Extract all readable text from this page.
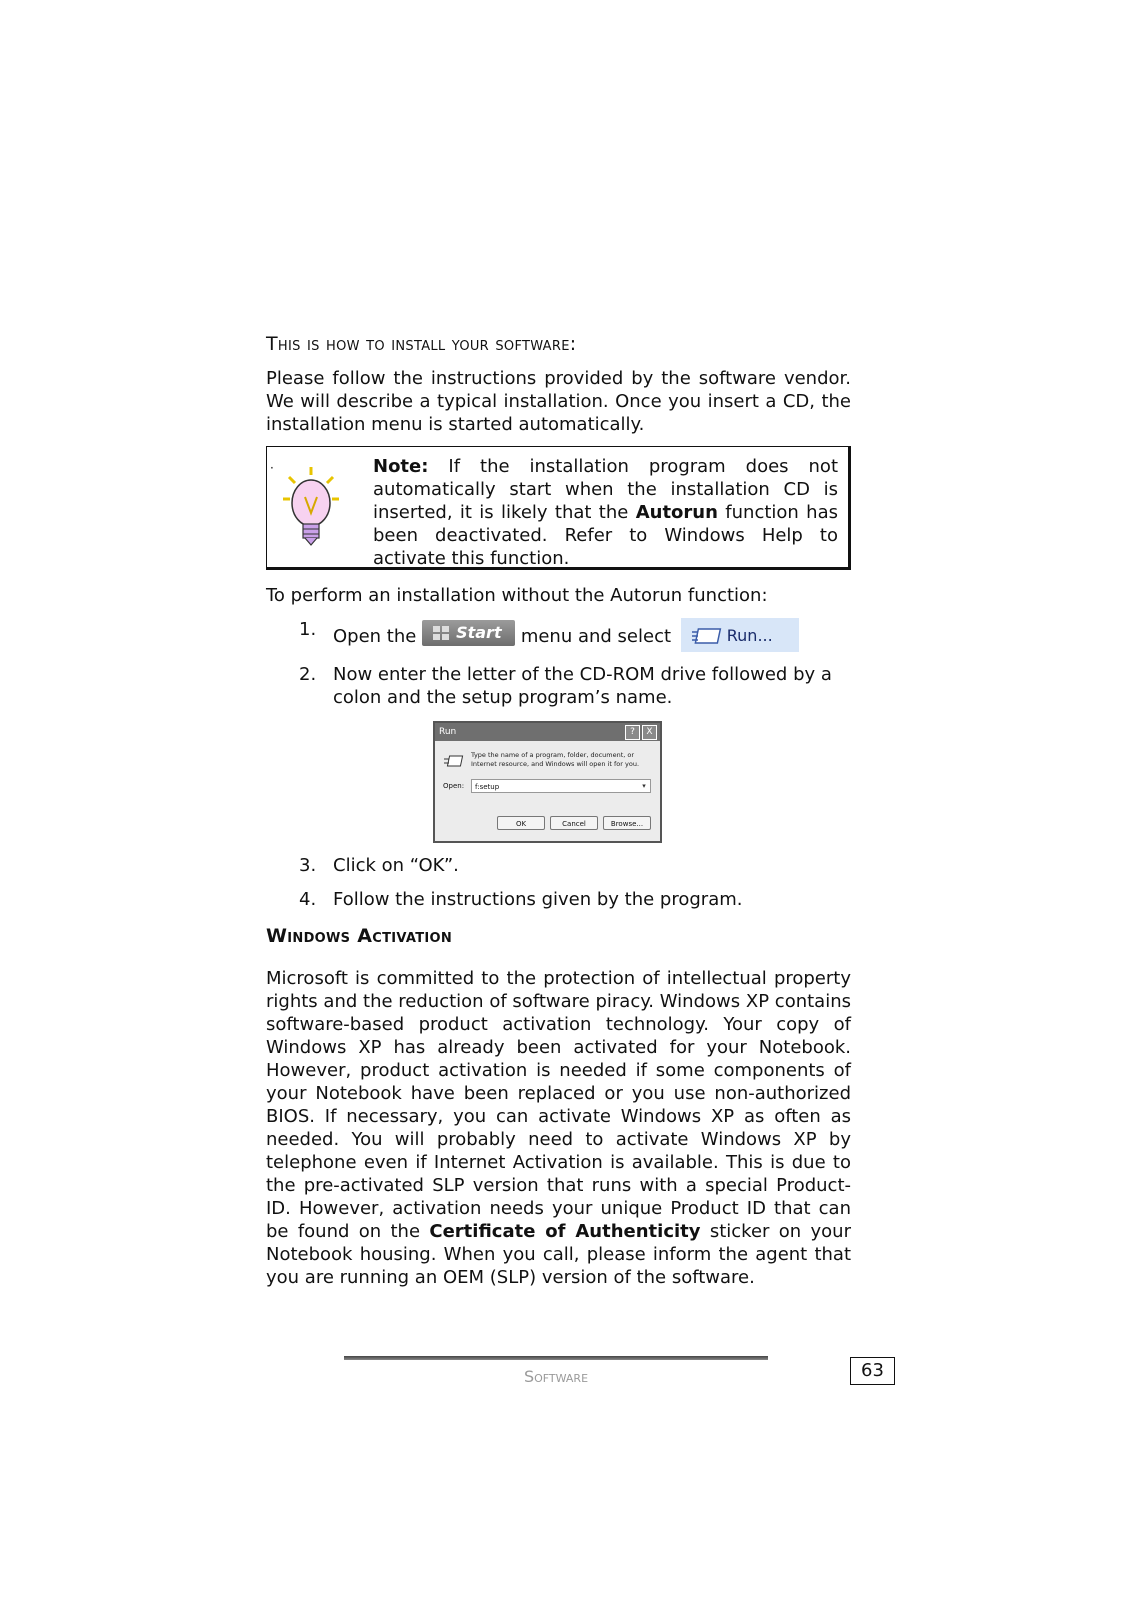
This is how to install your software:

Please follow the instructions provided by the software vendor. We will describe a typical installation. Once you insert a CD, the installation menu is started automatically.

·	Note: If the installation program does not automatically start when the installation CD is inserted, it is likely that the Autorun function has been deactivated. Refer to Windows Help to activate this function.

To perform an installation without the Autorun function:

1. Open the Start menu and select	Run...
2. Now enter the letter of the CD-ROM drive followed by a colon and the setup program’s name.
Run	?	X
Type the name of a program, folder, document, or Internet resource, and Windows will open it for you.
Open:	f:setup	▾
OK	Cancel	Browse...
3. Click on “OK”.
4. Follow the instructions given by the program.
Windows Activation

Microsoft is committed to the protection of intellectual property rights and the reduction of software piracy. Windows XP contains software-based product activation technology. Your copy of Windows XP has already been activated for your Notebook. However, product activation is needed if some components of your Notebook have been replaced or you use non-authorized BIOS. If necessary, you can activate Windows XP as often as needed. You will probably need to activate Windows XP by telephone even if Internet Activation is available. This is due to the pre-activated SLP version that runs with a special Product-ID. However, activation needs your unique Product ID that can be found on the Certificate of Authenticity sticker on your Notebook housing. When you call, please inform the agent that you are running an OEM (SLP) version of the software.

Software	63
